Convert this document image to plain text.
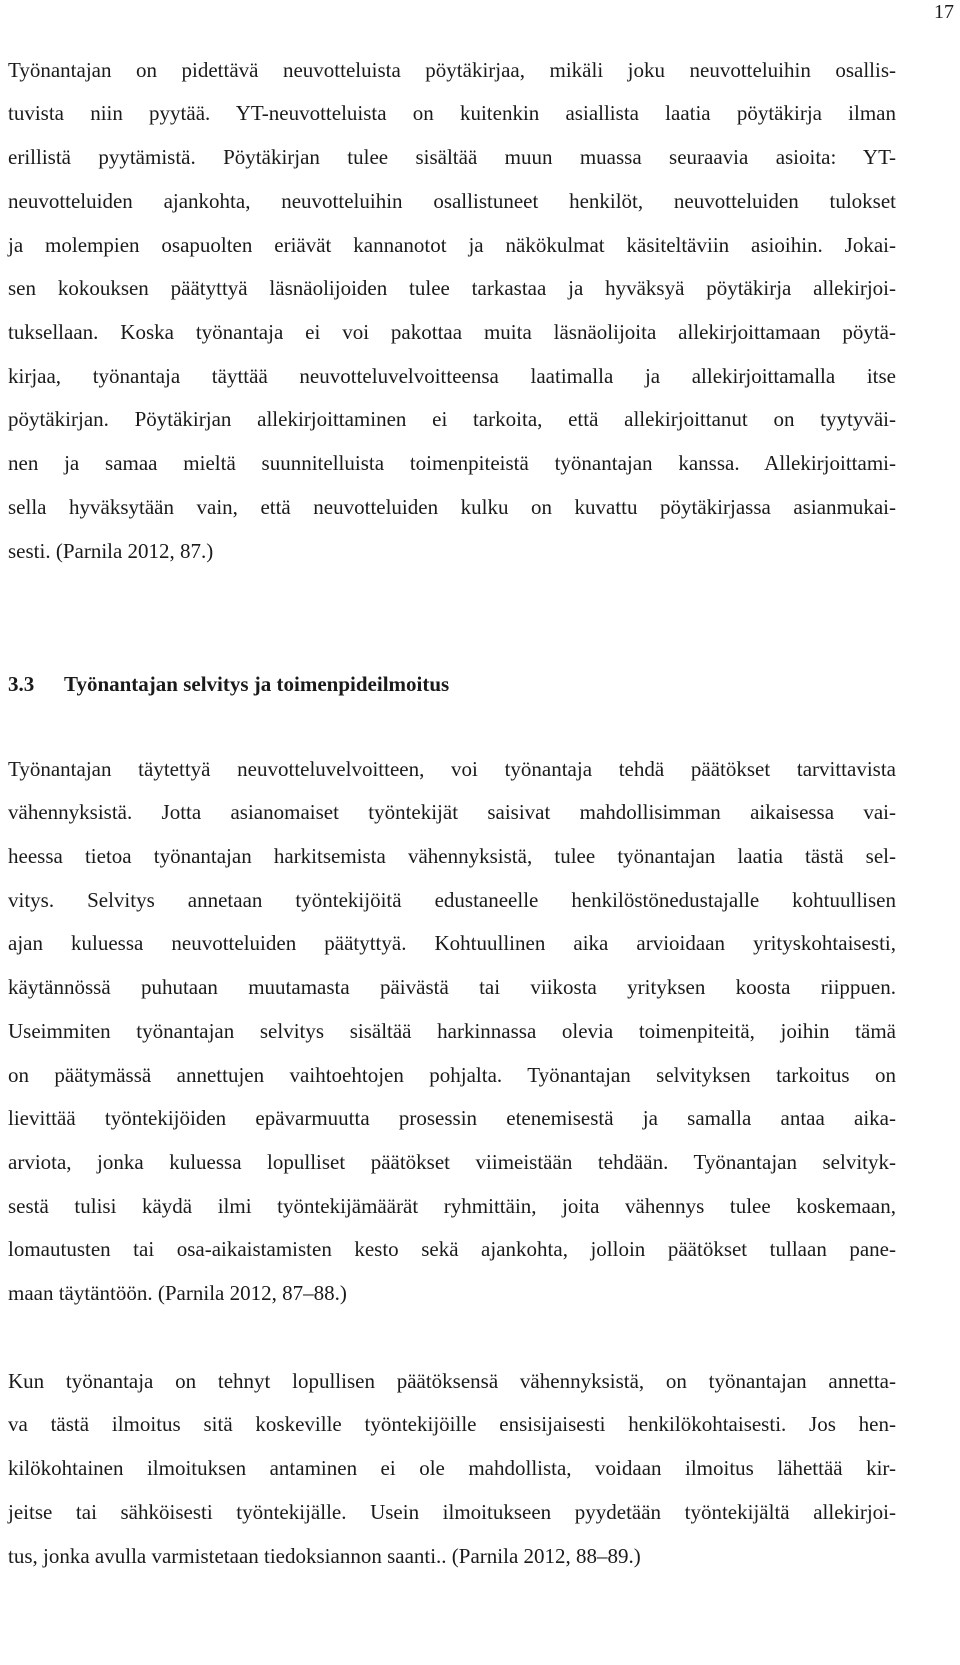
17
Työnantajan on pidettävä neuvotteluista pöytäkirjaa, mikäli joku neuvotteluihin osallis-
tuvista niin pyytää. YT-neuvotteluista on kuitenkin asiallista laatia pöytäkirja ilman
erillistä pyytämistä. Pöytäkirjan tulee sisältää muun muassa seuraavia asioita: YT-
neuvotteluiden ajankohta, neuvotteluihin osallistuneet henkilöt, neuvotteluiden tulokset
ja molempien osapuolten eriävät kannanotot ja näkökulmat käsiteltäviin asioihin. Jokai-
sen kokouksen päätyttyä läsnäolijoiden tulee tarkastaa ja hyväksyä pöytäkirja allekirjoi-
tuksellaan. Koska työnantaja ei voi pakottaa muita läsnäolijoita allekirjoittamaan pöytä-
kirjaa, työnantaja täyttää neuvotteluvelvoitteensa laatimalla ja allekirjoittamalla itse
pöytäkirjan. Pöytäkirjan allekirjoittaminen ei tarkoita, että allekirjoittanut on tyytyväi-
nen ja samaa mieltä suunnitelluista toimenpiteistä työnantajan kanssa. Allekirjoittami-
sella hyväksytään vain, että neuvotteluiden kulku on kuvattu pöytäkirjassa asianmukai-
sesti. (Parnila 2012, 87.)
3.3 Työnantajan selvitys ja toimenpideilmoitus
Työnantajan täytettyä neuvotteluvelvoitteen, voi työnantaja tehdä päätökset tarvittavista
vähennyksistä. Jotta asianomaiset työntekijät saisivat mahdollisimman aikaisessa vai-
heessa tietoa työnantajan harkitsemista vähennyksistä, tulee työnantajan laatia tästä sel-
vitys. Selvitys annetaan työntekijöitä edustaneelle henkilöstönedustajalle kohtuullisen
ajan kuluessa neuvotteluiden päätyttyä. Kohtuullinen aika arvioidaan yrityskohtaisesti,
käytännössä puhutaan muutamasta päivästä tai viikosta yrityksen koosta riippuen.
Useimmiten työnantajan selvitys sisältää harkinnassa olevia toimenpiteitä, joihin tämä
on päätymässä annettujen vaihtoehtojen pohjalta. Työnantajan selvityksen tarkoitus on
lievittää työntekijöiden epävarmuutta prosessin etenemisestä ja samalla antaa aika-
arviota, jonka kuluessa lopulliset päätökset viimeistään tehdään. Työnantajan selvityk-
sestä tulisi käydä ilmi työntekijämäärät ryhmittäin, joita vähennys tulee koskemaan,
lomautusten tai osa-aikaistamisten kesto sekä ajankohta, jolloin päätökset tullaan pane-
maan täytäntöön. (Parnila 2012, 87–88.)
Kun työnantaja on tehnyt lopullisen päätöksensä vähennyksistä, on työnantajan annetta-
va tästä ilmoitus sitä koskeville työntekijöille ensisijaisesti henkilökohtaisesti. Jos hen-
kilökohtainen ilmoituksen antaminen ei ole mahdollista, voidaan ilmoitus lähettää kir-
jeitse tai sähköisesti työntekijälle. Usein ilmoitukseen pyydetään työntekijältä allekirjoi-
tus, jonka avulla varmistetaan tiedoksiannon saanti.. (Parnila 2012, 88–89.)
